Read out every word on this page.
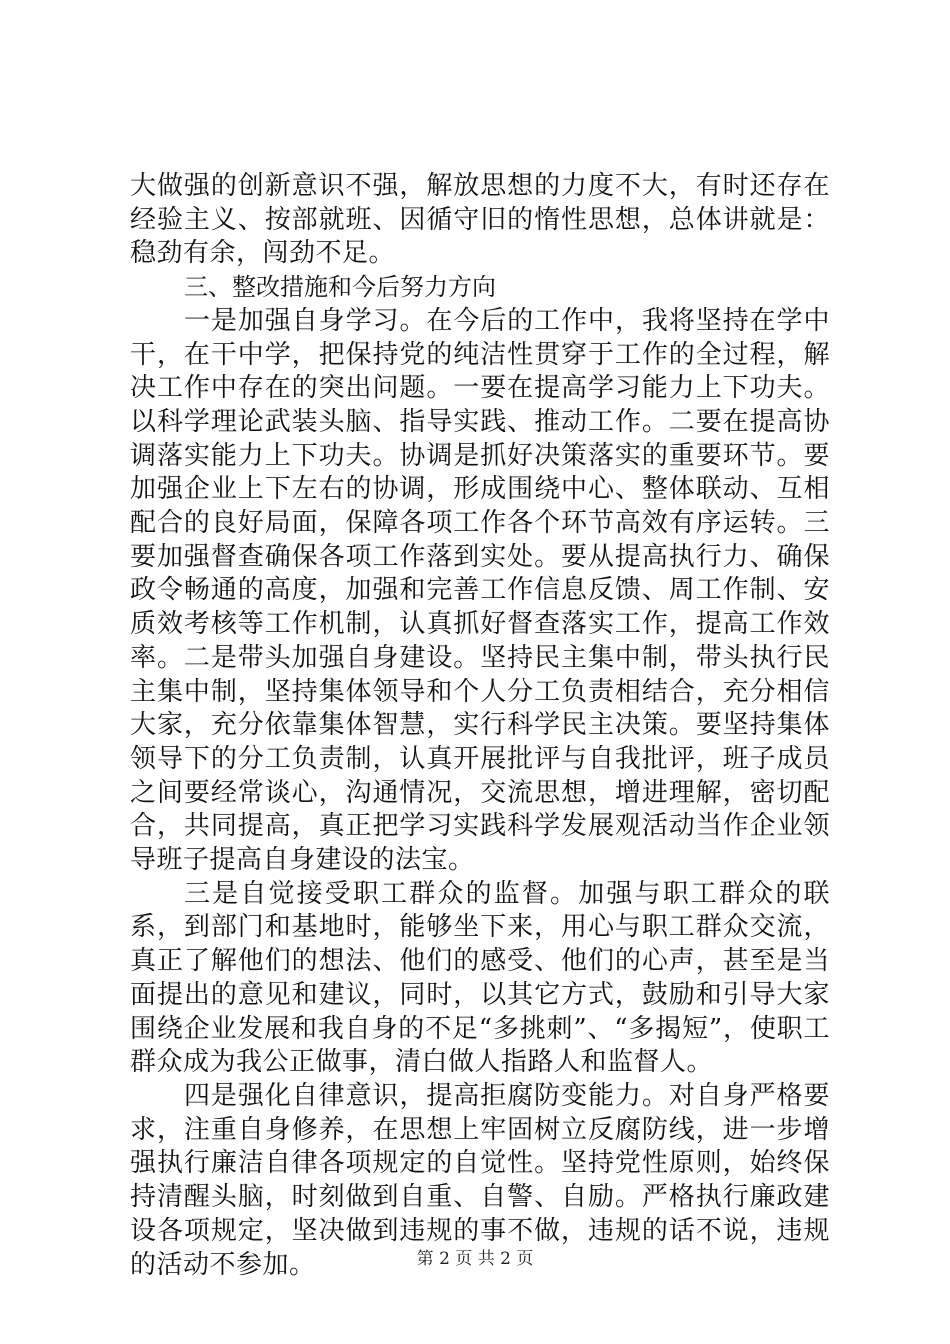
大做强的创新意识不强，解放思想的力度不大，有时还存在经验主义、按部就班、因循守旧的惰性思想，总体讲就是：稳劲有余，闯劲不足。

三、整改措施和今后努力方向

一是加强自身学习。在今后的工作中，我将坚持在学中干，在干中学，把保持党的纯洁性贯穿于工作的全过程，解决工作中存在的突出问题。一要在提高学习能力上下功夫。以科学理论武装头脑、指导实践、推动工作。二要在提高协调落实能力上下功夫。协调是抓好决策落实的重要环节。要加强企业上下左右的协调，形成围绕中心、整体联动、互相配合的良好局面，保障各项工作各个环节高效有序运转。三要加强督查确保各项工作落到实处。要从提高执行力、确保政令畅通的高度，加强和完善工作信息反馈、周工作制、安质效考核等工作机制，认真抓好督查落实工作，提高工作效率。二是带头加强自身建设。坚持民主集中制，带头执行民主集中制，坚持集体领导和个人分工负责相结合，充分相信大家，充分依靠集体智慧，实行科学民主决策。要坚持集体领导下的分工负责制，认真开展批评与自我批评，班子成员之间要经常谈心，沟通情况，交流思想，增进理解，密切配合，共同提高，真正把学习实践科学发展观活动当作企业领导班子提高自身建设的法宝。

三是自觉接受职工群众的监督。加强与职工群众的联系，到部门和基地时，能够坐下来，用心与职工群众交流，真正了解他们的想法、他们的感受、他们的心声，甚至是当面提出的意见和建议，同时，以其它方式，鼓励和引导大家围绕企业发展和我自身的不足“多挑刺”、“多揭短”，使职工群众成为我公正做事，清白做人指路人和监督人。

四是强化自律意识，提高拒腐防变能力。对自身严格要求，注重自身修养，在思想上牢固树立反腐防线，进一步增强执行廉洁自律各项规定的自觉性。坚持党性原则，始终保持清醒头脑，时刻做到自重、自警、自励。严格执行廉政建设各项规定，坚决做到违规的事不做，违规的话不说，违规的活动不参加。	第 2 页 共 2 页
